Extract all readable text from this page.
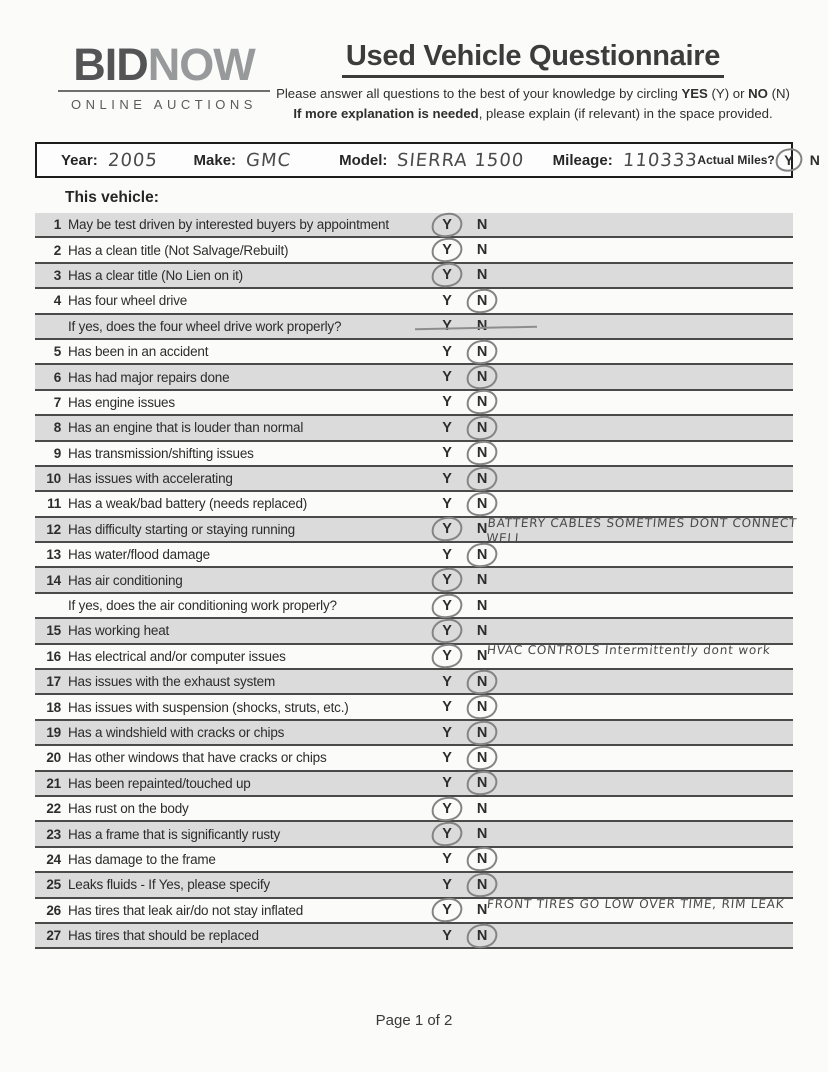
BIDNOW
ONLINE AUCTIONS
Used Vehicle Questionnaire
Please answer all questions to the best of your knowledge by circling YES (Y) or NO (N)
If more explanation is needed, please explain (if relevant) in the space provided.
Year: 2005 Make: GMC	Model: SIERRA 1500 Mileage: 110333 Actual Miles? Y	N
This vehicle:
1 May be test driven by interested buyers by appointment	Y	N
2 Has a clean title (Not Salvage/Rebuilt)	Y	N
3 Has a clear title (No Lien on it)	Y	N
4 Has four wheel drive	Y	N
If yes, does the four wheel drive work properly?	Y	N
5 Has been in an accident	Y	N
6 Has had major repairs done	Y	N
7 Has engine issues	Y	N
8 Has an engine that is louder than normal	Y	N
9 Has transmission/shifting issues	Y	N
10 Has issues with accelerating	Y	N
11 Has a weak/bad battery (needs replaced)	Y	N
12 Has difficulty starting or staying running	Y	N BATTERY CABLES SOMETIMES DONT CONNECT WELL
13 Has water/flood damage	Y	N
14 Has air conditioning	Y	N
If yes, does the air conditioning work properly?	Y	N
15 Has working heat	Y	N
16 Has electrical and/or computer issues	Y	N HVAC CONTROLS Intermittently dont work
17 Has issues with the exhaust system	Y	N
18 Has issues with suspension (shocks, struts, etc.)	Y	N
19 Has a windshield with cracks or chips	Y	N
20 Has other windows that have cracks or chips	Y	N
21 Has been repainted/touched up	Y	N
22 Has rust on the body	Y	N
23 Has a frame that is significantly rusty	Y	N
24 Has damage to the frame	Y	N
25 Leaks fluids - If Yes, please specify	Y	N
26 Has tires that leak air/do not stay inflated	Y	N FRONT TIRES GO LOW OVER TIME, RIM LEAK
27 Has tires that should be replaced	Y	N
Page 1 of 2
